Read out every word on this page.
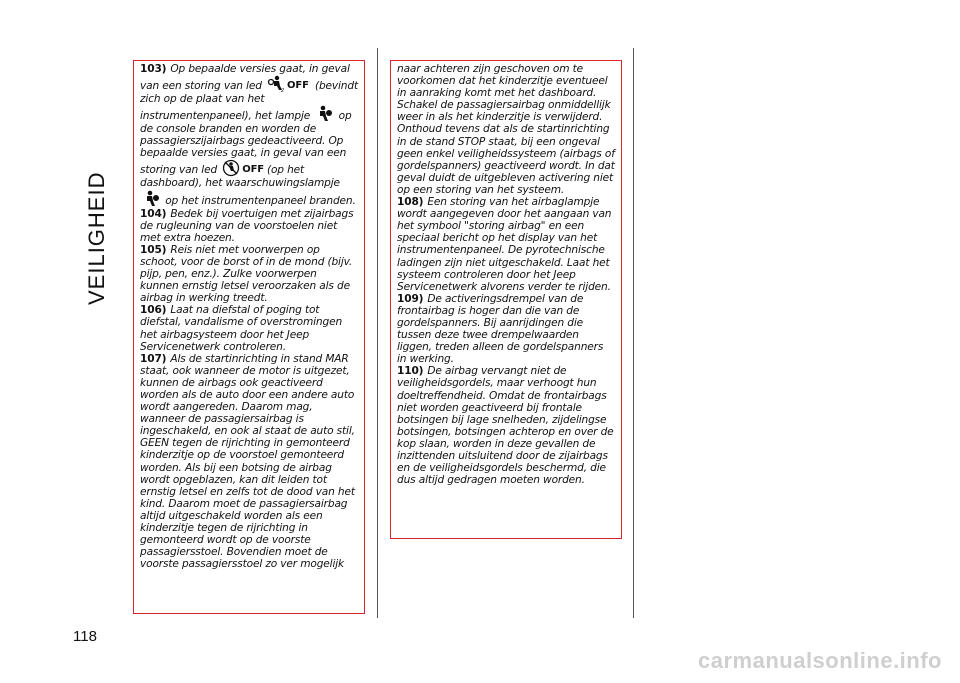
VEILIGHEID
118

103) Op bepaalde versies gaat, in geval van een storing van led	2 OFF (bevindt zich op de plaat van het instrumentenpaneel), het lampje	op de console branden en worden de passagierszijairbags gedeactiveerd. Op bepaalde versies gaat, in geval van een storing van led	OFF (op het dashboard), het waarschuwingslampje  op het instrumentenpaneel branden.

104) Bedek bij voertuigen met zijairbags de rugleuning van de voorstoelen niet met extra hoezen.

105) Reis niet met voorwerpen op schoot, voor de borst of in de mond (bijv. pijp, pen, enz.). Zulke voorwerpen kunnen ernstig letsel veroorzaken als de airbag in werking treedt.

106) Laat na diefstal of poging tot diefstal, vandalisme of overstromingen het airbagsysteem door het Jeep Servicenetwerk controleren.

107) Als de startinrichting in stand MAR staat, ook wanneer de motor is uitgezet, kunnen de airbags ook geactiveerd worden als de auto door een andere auto wordt aangereden. Daarom mag, wanneer de passagiersairbag is ingeschakeld, en ook al staat de auto stil, GEEN tegen de rijrichting in gemonteerd kinderzitje op de voorstoel gemonteerd worden. Als bij een botsing de airbag wordt opgeblazen, kan dit leiden tot ernstig letsel en zelfs tot de dood van het kind. Daarom moet de passagiersairbag altijd uitgeschakeld worden als een kinderzitje tegen de rijrichting in gemonteerd wordt op de voorste passagiersstoel. Bovendien moet de voorste passagiersstoel zo ver mogelijk

naar achteren zijn geschoven om te voorkomen dat het kinderzitje eventueel in aanraking komt met het dashboard. Schakel de passagiersairbag onmiddellijk weer in als het kinderzitje is verwijderd. Onthoud tevens dat als de startinrichting in de stand STOP staat, bij een ongeval geen enkel veiligheidssysteem (airbags of gordelspanners) geactiveerd wordt. In dat geval duidt de uitgebleven activering niet op een storing van het systeem.

108) Een storing van het airbaglampje wordt aangegeven door het aangaan van het symbool "storing airbag" en een speciaal bericht op het display van het instrumentenpaneel. De pyrotechnische ladingen zijn niet uitgeschakeld. Laat het systeem controleren door het Jeep Servicenetwerk alvorens verder te rijden.

109) De activeringsdrempel van de frontairbag is hoger dan die van de gordelspanners. Bij aanrijdingen die tussen deze twee drempelwaarden liggen, treden alleen de gordelspanners in werking.

110) De airbag vervangt niet de veiligheidsgordels, maar verhoogt hun doeltreffendheid. Omdat de frontairbags niet worden geactiveerd bij frontale botsingen bij lage snelheden, zijdelingse botsingen, botsingen achterop en over de kop slaan, worden in deze gevallen de inzittenden uitsluitend door de zijairbags en de veiligheidsgordels beschermd, die dus altijd gedragen moeten worden.

carmanualsonline.info
